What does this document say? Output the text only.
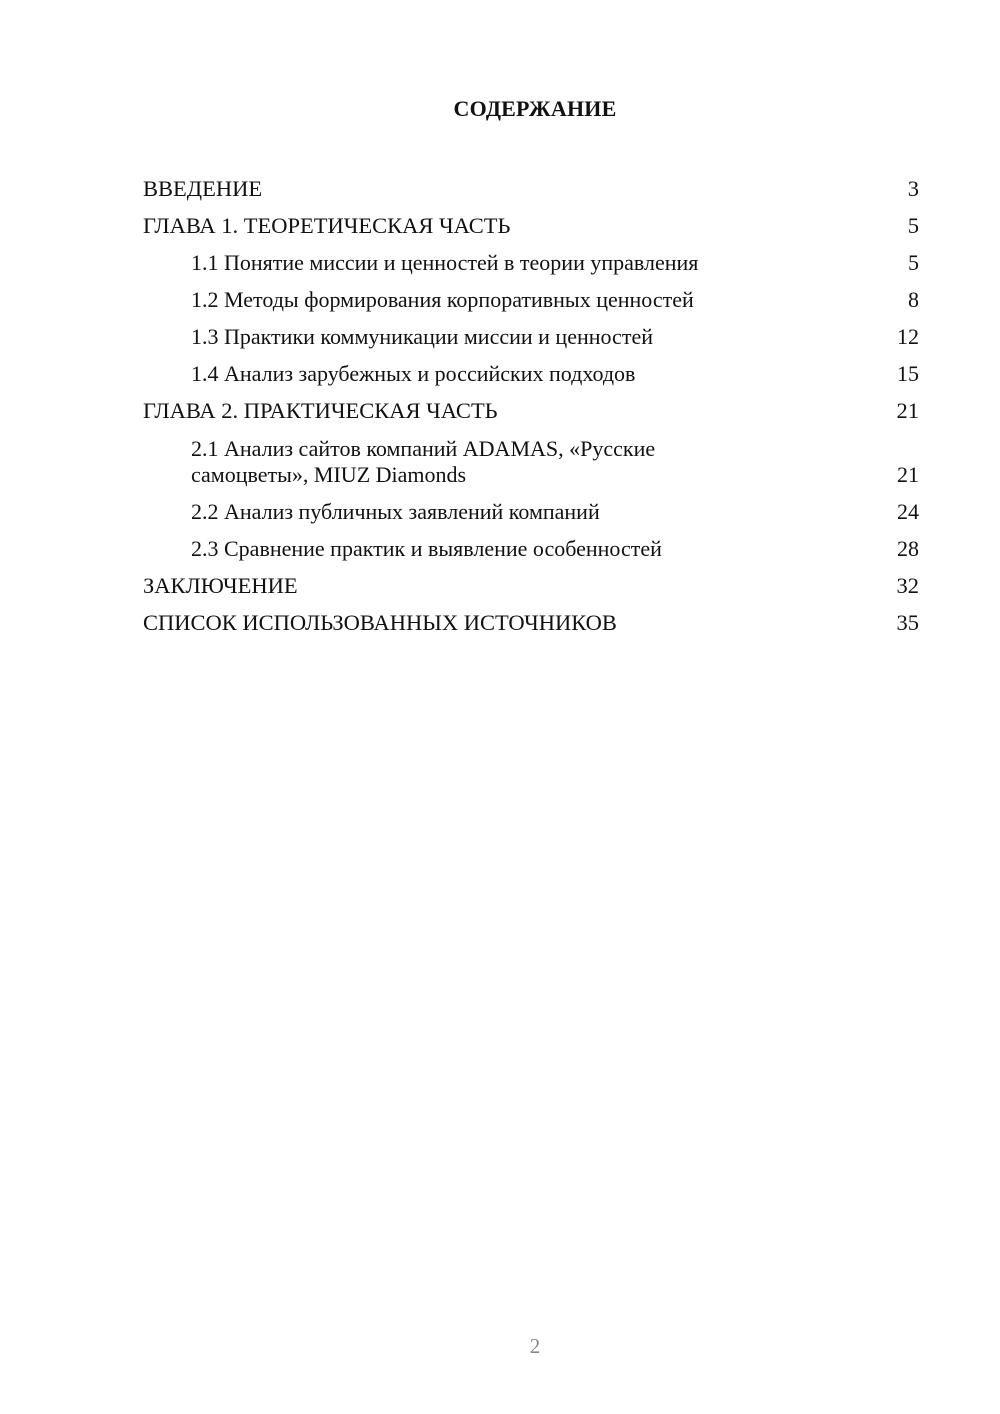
СОДЕРЖАНИЕ
ВВЕДЕНИЕ	3
ГЛАВА 1. ТЕОРЕТИЧЕСКАЯ ЧАСТЬ	5
1.1 Понятие миссии и ценностей в теории управления	5
1.2 Методы формирования корпоративных ценностей	8
1.3 Практики коммуникации миссии и ценностей	12
1.4 Анализ зарубежных и российских подходов	15
ГЛАВА 2. ПРАКТИЧЕСКАЯ ЧАСТЬ	21
2.1 Анализ сайтов компаний ADAMAS, «Русские самоцветы», MIUZ Diamonds	21
2.2 Анализ публичных заявлений компаний	24
2.3 Сравнение практик и выявление особенностей	28
ЗАКЛЮЧЕНИЕ	32
СПИСОК ИСПОЛЬЗОВАННЫХ ИСТОЧНИКОВ	35
2
